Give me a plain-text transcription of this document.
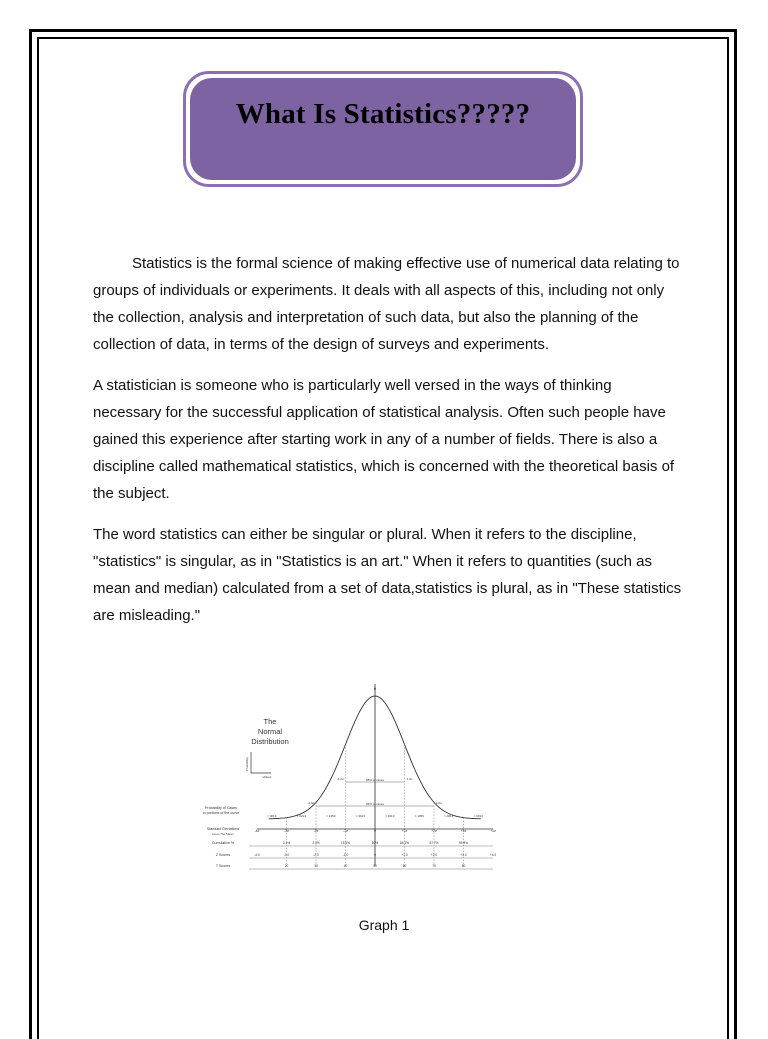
What Is Statistics?????

Statistics is the formal science of making effective use of numerical data relating to groups of individuals or experiments. It deals with all aspects of this, including not only the collection, analysis and interpretation of such data, but also the planning of the collection of data, in terms of the design of surveys and experiments.

A statistician is someone who is particularly well versed in the ways of thinking necessary for the successful application of statistical analysis. Often such people have gained this experience after starting work in any of a number of fields. There is also a discipline called mathematical statistics, which is concerned with the theoretical basis of the subject.

The word statistics can either be singular or plural. When it refers to the discipline, "statistics" is singular, as in "Statistics is an art." When it refers to quantities (such as mean and median) calculated from a set of data,statistics is plural, as in "These statistics are misleading."

0
The
Normal
Distribution
Probability
Values
68% of cases
-1.0σ	1.0σ
95% of cases
-2.0σ	2.0σ
Probability of Cases
in portions of the curve
Standard Deviations
From The Mean
Cumulative %
Z Scores
T Scores
<.0013	=.0214	=.1359	=.3413	=.3413	=.1359	=.0214	<.0013
-4σ	-3σ	-2σ	-1σ	0	+1σ	+2σ	+3σ	+4σ
0.1%	2.3%	15.9%	50%	84.1%	97.7%	99.9%
-4.0	-3.0	-2.0	-1.0	0	+1.0	+2.0	+3.0	+4.0
20	30	40	50	60	70	80
Graph 1
